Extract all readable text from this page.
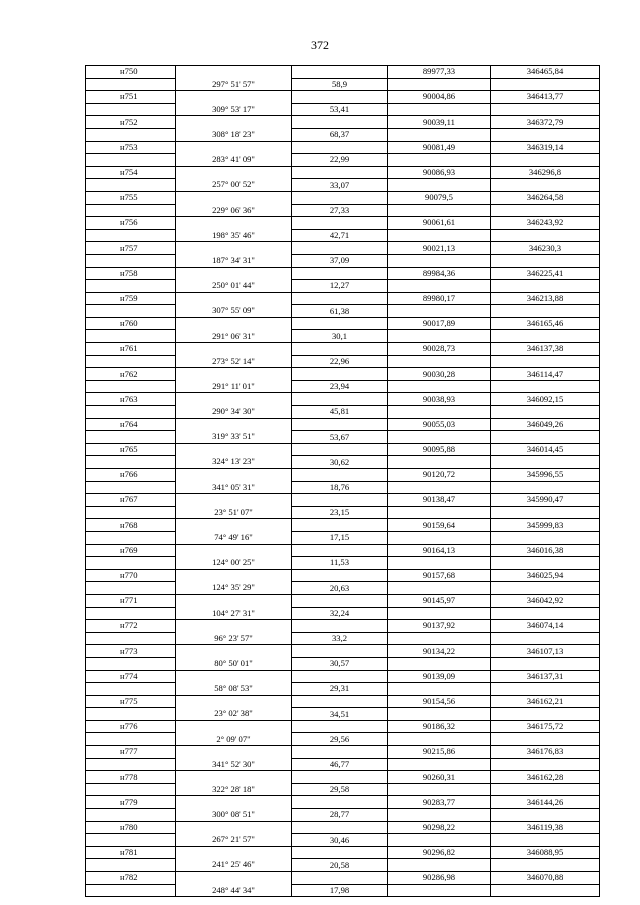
372
н750			89977,33	346465,84
	297° 51' 57"	58,9		
н751			90004,86	346413,77
	309° 53' 17"	53,41		
н752			90039,11	346372,79
	308° 18' 23"	68,37		
н753			90081,49	346319,14
	283° 41' 09"	22,99		
н754			90086,93	346296,8
	257° 00' 52"	33,07		
н755			90079,5	346264,58
	229° 06' 36"	27,33		
н756			90061,61	346243,92
	198° 35' 46"	42,71		
н757			90021,13	346230,3
	187° 34' 31"	37,09		
н758			89984,36	346225,41
	250° 01' 44"	12,27		
н759			89980,17	346213,88
	307° 55' 09"	61,38		
н760			90017,89	346165,46
	291° 06' 31"	30,1		
н761			90028,73	346137,38
	273° 52' 14"	22,96		
н762			90030,28	346114,47
	291° 11' 01"	23,94		
н763			90038,93	346092,15
	290° 34' 30"	45,81		
н764			90055,03	346049,26
	319° 33' 51"	53,67		
н765			90095,88	346014,45
	324° 13' 23"	30,62		
н766			90120,72	345996,55
	341° 05' 31"	18,76		
н767			90138,47	345990,47
	23° 51' 07"	23,15		
н768			90159,64	345999,83
	74° 49' 16"	17,15		
н769			90164,13	346016,38
	124° 00' 25"	11,53		
н770			90157,68	346025,94
	124° 35' 29"	20,63		
н771			90145,97	346042,92
	104° 27' 31"	32,24		
н772			90137,92	346074,14
	96° 23' 57"	33,2		
н773			90134,22	346107,13
	80° 50' 01"	30,57		
н774			90139,09	346137,31
	58° 08' 53"	29,31		
н775			90154,56	346162,21
	23° 02' 38"	34,51		
н776			90186,32	346175,72
	2° 09' 07"	29,56		
н777			90215,86	346176,83
	341° 52' 30"	46,77		
н778			90260,31	346162,28
	322° 28' 18"	29,58		
н779			90283,77	346144,26
	300° 08' 51"	28,77		
н780			90298,22	346119,38
	267° 21' 57"	30,46		
н781			90296,82	346088,95
	241° 25' 46"	20,58		
н782			90286,98	346070,88
	248° 44' 34"	17,98		
